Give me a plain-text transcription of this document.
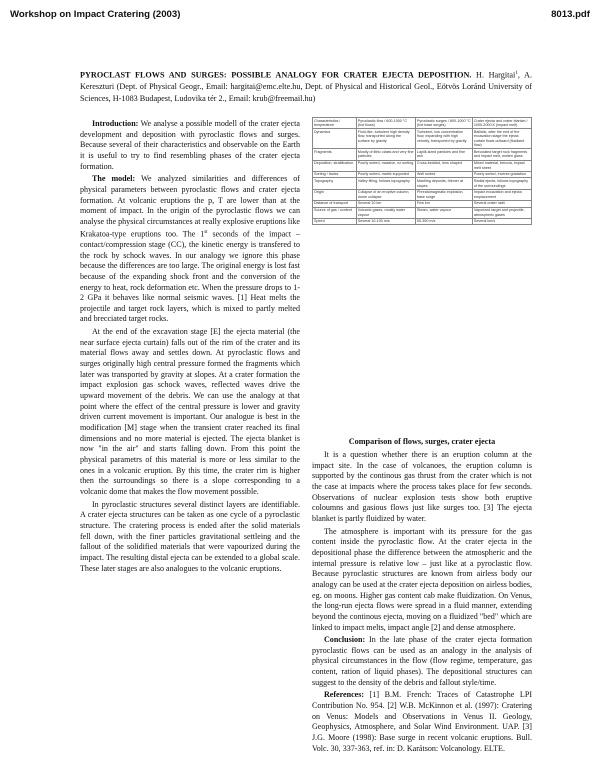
Workshop on Impact Cratering (2003)	8013.pdf
PYROCLAST FLOWS AND SURGES: POSSIBLE ANALOGY FOR CRATER EJECTA DEPOSITION. H. Hargitai$^1$, A. Kereszturi (Dept. of Physical Geogr., Email: hargitai@emc.elte.hu, Dept. of Physical and Historical Geol., Eötvös Loránd University of Sciences, H-1083 Budapest, Ludovika tér 2., Email: krub@freemail.hu)

Introduction: We analyse a possible modell of the crater ejecta development and deposition with pyroclastic flows and surges. Because several of their characteristics and observable on the Earth it is useful to try to find resembling phases of the crater ejecta formation.

The model: We analyzed similarities and differences of physical parameters between pyroclastic flows and crater ejecta formation. At volcanic eruptions the p, T are lower than at the moment of impact. In the origin of the pyroclastic flows we can analyse the physical circumstances at really explosive eruptions like Krakatoa-type eruptions too. The 1st seconds of the impact – contact/compression stage (CC), the kinetic energy is transfered to the rock by schock waves. In our analogy we ignore this phase because the differences are too large. The original energy is lost fast because of the expanding shock front and the conversion of the energy to heat, rock deformation etc. When the pressure drops to 1-2 GPa it behaves like normal seismic waves. [1] Heat melts the projectile and target rock layers, which is mixed to partly melted and brecciated target rocks.

At the end of the excavation stage [E] the ejecta material (the near surface ejecta curtain) falls out of the rim of the crater and its material flows away and settles down. At pyroclastic flows and surges originally high central pressure formed the fragments which later was transported by gravity at slopes. At a crater formation the impact explosion gas schock waves, reflected waves drive the upward movement of the debris. We can use the analogy at that point where the effect of the central pressure is lower and gravity driven current movement is important. Our analogue is best in the modification [M] stage when the transient crater reached its final dimensions and no more material is ejected. The ejecta blanket is now "in the air" and starts falling down. From this point the physical parametrs of this material is more or less similar to the ones in a volcanic eruption. By this time, the crater rim is higher then the surroundings so there is a slope corresponding to a volcanic dome that makes the flow movement possible.

In pyroclastic structures several distinct layers are identifiable. A crater ejecta structures can be taken as one cycle of a pyroclastic structure. The cratering process is ended after the solid materials fell down, with the finer particles gravitational settleing and the fallout of the solidified materials that were vapourized during the impact. The resulting distal ejecta can be extended to a global scale. These later stages are also analogues to the volcanic eruptions.

Characteristics / temperature	Pyroclastic flow / 600-1000 °C (hot flows)	Pyroclastic surges / 800-1000 °C (hot base surges)	Crater ejecta and crater blanket / 1000-2000 K (impact melt)
Dynamics	Fluid-like, turbulent high density flow, transported along the surface by gravity	Turbulent, low concentration flow, expanding with high velocity, transported by gravity	Ballistic, after the end of the excavation stage the ejecta curtain flows outward (fluidized flow)
Fragments	Mostly of lithic clasts and very fine particles	Lapilli-sized particles and fine ash	Brecciated target rock fragments and impact melt, molten glass
Deposition, stratification	Poorly sorted, massive, no sorting	Cross-bedded, lens shaped	Mixed material, breccia, impact melt sheet
Sorting / facies	Poorly sorted, matrix supported	Well sorted	Poorly sorted, inverse gradation
Topography	Valley filling, follows topography	Mantling deposits, thinner at slopes	Radial ejecta, follows topography of the surroundings
Origin	Collapse of an eruptive column, dome collapse	Phreatomagmatic explosion, base surge	Impact excavation and ejecta emplacement
Distance of transport	Several 10 km	Few km	Several crater radii
Source of gas / content	Volcanic gases, mostly water vapour	Steam, water vapour	Vaporized target and projectile, atmospheric gases
Speed	Several 10-100 m/s	50-300 m/s	Several km/s
Comparison of flows, surges, crater ejecta

It is a question whether there is an eruption column at the impact site. In the case of volcanoes, the eruption column is supported by the continous gas thrust from the crater which is not the case at impacts where the process takes place for few seconds. Observations of nuclear explosion tests show both eruptive coloumns and gasious flows just like surges too. [3] The ejecta blanket is partly fluidized by water.

The atmosphere is important with its pressure for the gas content inside the pyroclastic flow. At the crater ejecta in the depositional phase the difference between the atmospheric and the internal pressure is relative low – just like at a pyroclastic flow. Because pyroclastic structures are known from airless body our analogy can be used at the crater ejecta deposition on airless bodies, eg. on moons. Higher gas content cab make fluidization. On Venus, the long-run ejecta flows were spread in a fluid manner, extending beyond the continous ejecta, moving on a fluidized "bed" which are linked to impact melts, impact angle [2] and dense atmosphere.

Conclusion: In the late phase of the crater ejecta formation pyroclastic flows can be used as an analogy in the analysis of physical circumstances in the flow (flow regime, temperature, gas content, ration of liquid phases). The depositional structures can suggest to the density of the debris and fallout style/time.

References: [1] B.M. French: Traces of Catastrophe LPI Contribution No. 954. [2] W.B. McKinnon et al. (1997): Cratering on Venus: Models and Observations in Venus II. Geology, Geophysics, Atmosphere, and Solar Wind Environment. UAP. [3] J.G. Moore (1998): Base surge in recent volcanic eruptions. Bull. Volc. 30, 337-363, ref. in: D. Karátson: Volcanology. ELTE.
